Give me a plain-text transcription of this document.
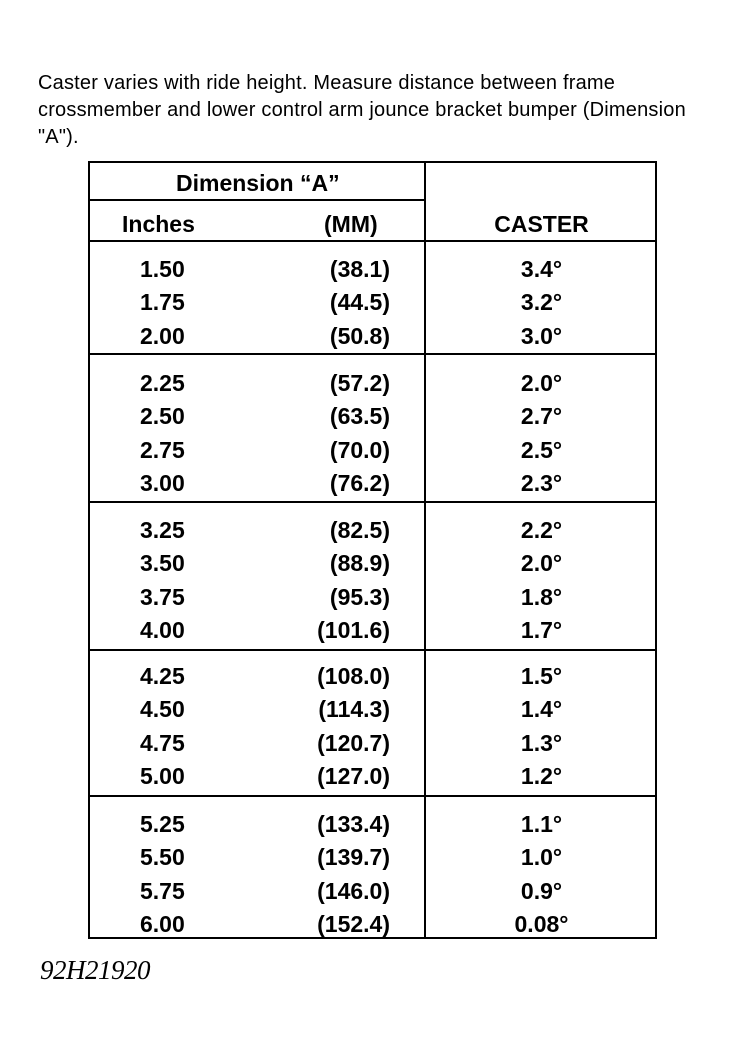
Caster varies with ride height. Measure distance between frame crossmember and lower control arm jounce bracket bumper (Dimension "A").
Dimension “A”
Inches	(MM)	CASTER
1.50	(38.1)	3.4°
1.75	(44.5)	3.2°
2.00	(50.8)	3.0°
2.25	(57.2)	2.0°
2.50	(63.5)	2.7°
2.75	(70.0)	2.5°
3.00	(76.2)	2.3°
3.25	(82.5)	2.2°
3.50	(88.9)	2.0°
3.75	(95.3)	1.8°
4.00	(101.6)	1.7°
4.25	(108.0)	1.5°
4.50	(114.3)	1.4°
4.75	(120.7)	1.3°
5.00	(127.0)	1.2°
5.25	(133.4)	1.1°
5.50	(139.7)	1.0°
5.75	(146.0)	0.9°
6.00	(152.4)	0.08°
92H21920
